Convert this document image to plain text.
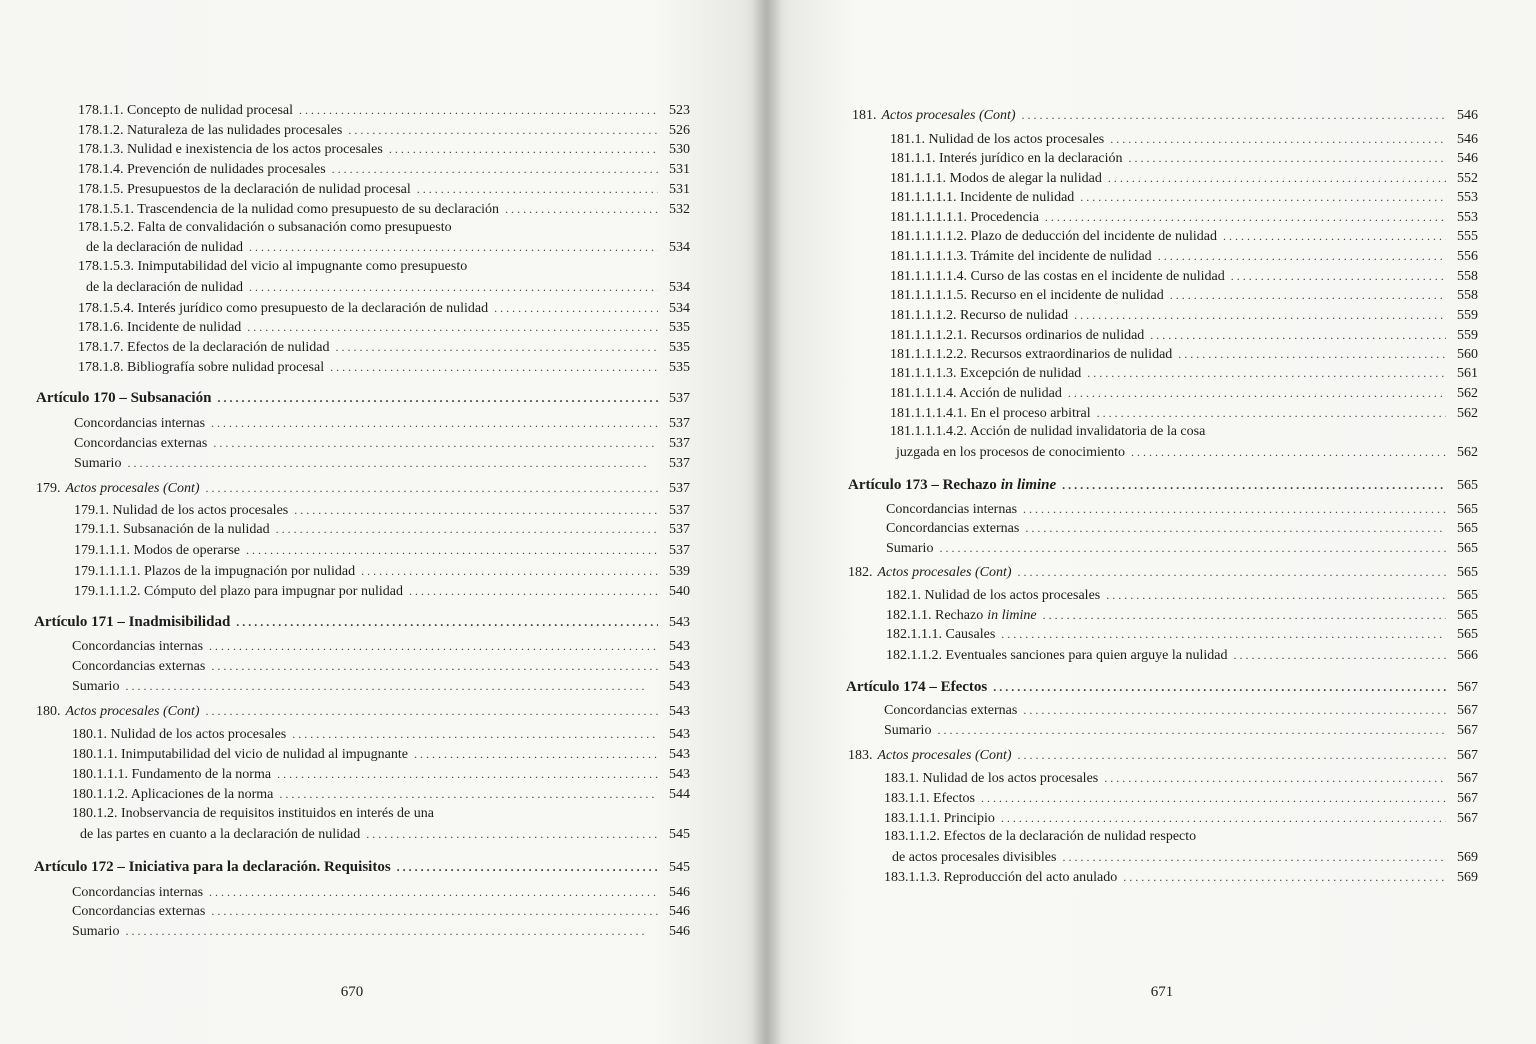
178.1.1. Concepto de nulidad procesal . . .	523
178.1.2. Naturaleza de las nulidades procesales . . .	526
178.1.3. Nulidad e inexistencia de los actos procesales . . .	530
178.1.4. Prevención de nulidades procesales . . .	531
178.1.5. Presupuestos de la declaración de nulidad procesal . . .	531
178.1.5.1. Trascendencia de la nulidad como presupuesto de su declaración . . .	532
178.1.5.2. Falta de convalidación o subsanación como presupuesto
de la declaración de nulidad . . .	534
178.1.5.3. Inimputabilidad del vicio al impugnante como presupuesto
de la declaración de nulidad . . .	534
178.1.5.4. Interés jurídico como presupuesto de la declaración de nulidad . . .	534
178.1.6. Incidente de nulidad . . .	535
178.1.7. Efectos de la declaración de nulidad . . .	535
178.1.8. Bibliografía sobre nulidad procesal . . .	535
Artículo 170 – Subsanación . . .	537
Concordancias internas . . .	537
Concordancias externas . . .	537
Sumario . . .	537
179. Actos procesales (Cont) . . .	537
179.1. Nulidad de los actos procesales . . .	537
179.1.1. Subsanación de la nulidad . . .	537
179.1.1.1. Modos de operarse . . .	537
179.1.1.1.1. Plazos de la impugnación por nulidad . . .	539
179.1.1.1.2. Cómputo del plazo para impugnar por nulidad . . .	540
Artículo 171 – Inadmisibilidad . . .	543
Concordancias internas . . .	543
Concordancias externas . . .	543
Sumario . . .	543
180. Actos procesales (Cont) . . .	543
180.1. Nulidad de los actos procesales . . .	543
180.1.1. Inimputabilidad del vicio de nulidad al impugnante . . .	543
180.1.1.1. Fundamento de la norma . . .	543
180.1.1.2. Aplicaciones de la norma . . .	544
180.1.2. Inobservancia de requisitos instituidos en interés de una
de las partes en cuanto a la declaración de nulidad . . .	545
Artículo 172 – Iniciativa para la declaración. Requisitos . . .	545
Concordancias internas . . .	546
Concordancias externas . . .	546
Sumario . . .	546
670
181. Actos procesales (Cont) . . .	546
181.1. Nulidad de los actos procesales . . .	546
181.1.1. Interés jurídico en la declaración . . .	546
181.1.1.1. Modos de alegar la nulidad . . .	552
181.1.1.1.1. Incidente de nulidad . . .	553
181.1.1.1.1.1. Procedencia . . .	553
181.1.1.1.1.2. Plazo de deducción del incidente de nulidad . . .	555
181.1.1.1.1.3. Trámite del incidente de nulidad . . .	556
181.1.1.1.1.4. Curso de las costas en el incidente de nulidad . . .	558
181.1.1.1.1.5. Recurso en el incidente de nulidad . . .	558
181.1.1.1.2. Recurso de nulidad . . .	559
181.1.1.1.2.1. Recursos ordinarios de nulidad . . .	559
181.1.1.1.2.2. Recursos extraordinarios de nulidad . . .	560
181.1.1.1.3. Excepción de nulidad . . .	561
181.1.1.1.4. Acción de nulidad . . .	562
181.1.1.1.4.1. En el proceso arbitral . . .	562
181.1.1.1.4.2. Acción de nulidad invalidatoria de la cosa
juzgada en los procesos de conocimiento . . .	562
Artículo 173 – Rechazo in limine . . .	565
Concordancias internas . . .	565
Concordancias externas . . .	565
Sumario . . .	565
182. Actos procesales (Cont) . . .	565
182.1. Nulidad de los actos procesales . . .	565
182.1.1. Rechazo in limine . . .	565
182.1.1.1. Causales . . .	565
182.1.1.2. Eventuales sanciones para quien arguye la nulidad . . .	566
Artículo 174 – Efectos . . .	567
Concordancias externas . . .	567
Sumario . . .	567
183. Actos procesales (Cont) . . .	567
183.1. Nulidad de los actos procesales . . .	567
183.1.1. Efectos . . .	567
183.1.1.1. Principio . . .	567
183.1.1.2. Efectos de la declaración de nulidad respecto
de actos procesales divisibles . . .	569
183.1.1.3. Reproducción del acto anulado . . .	569
671
